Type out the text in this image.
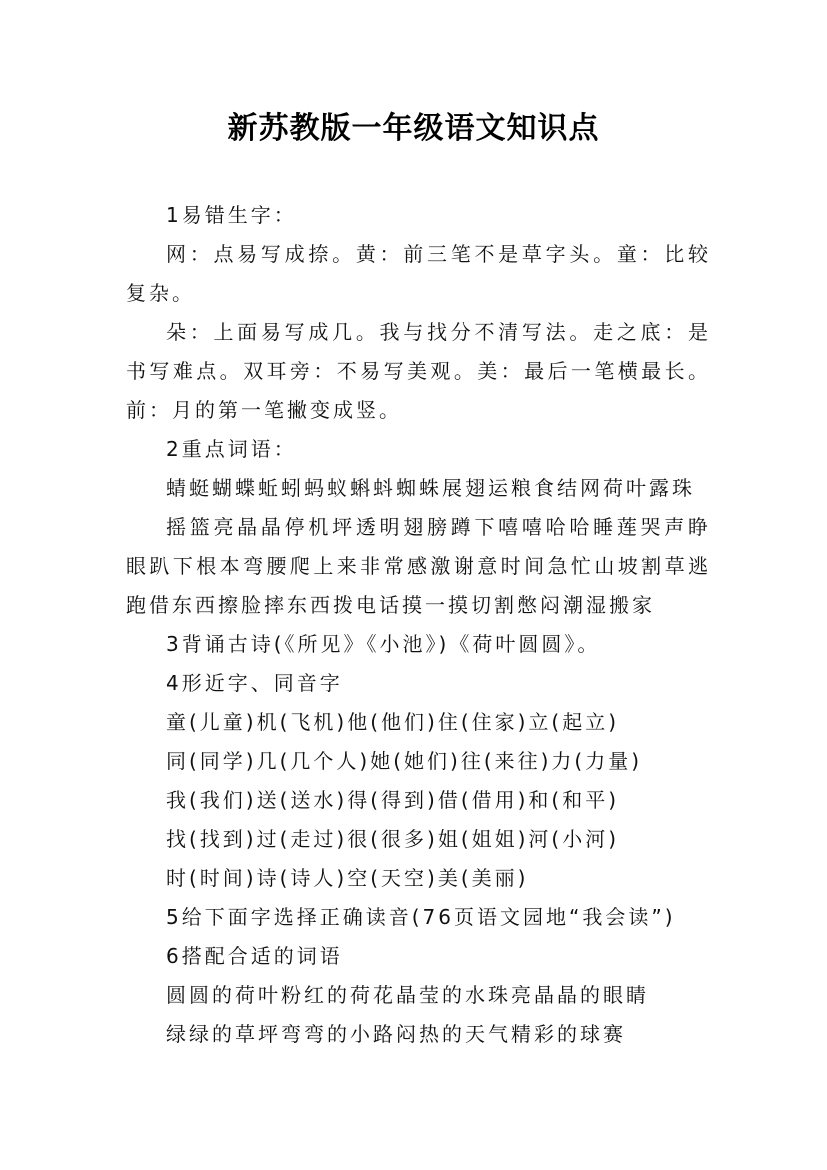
新苏教版一年级语文知识点

1易错生字：

网：点易写成捺。黄：前三笔不是草字头。童：比较复杂。

朵：上面易写成几。我与找分不清写法。走之底：是书写难点。双耳旁：不易写美观。美：最后一笔横最长。前：月的第一笔撇变成竖。

2重点词语：

蜻蜓蝴蝶蚯蚓蚂蚁蝌蚪蜘蛛展翅运粮食结网荷叶露珠

摇篮亮晶晶停机坪透明翅膀蹲下嘻嘻哈哈睡莲哭声睁眼趴下根本弯腰爬上来非常感激谢意时间急忙山坡割草逃跑借东西擦脸摔东西拨电话摸一摸切割憋闷潮湿搬家

3背诵古诗(《所见》《小池》)《荷叶圆圆》。

4形近字、同音字

童(儿童)机(飞机)他(他们)住(住家)立(起立)

同(同学)几(几个人)她(她们)往(来往)力(力量)

我(我们)送(送水)得(得到)借(借用)和(和平)

找(找到)过(走过)很(很多)姐(姐姐)河(小河)

时(时间)诗(诗人)空(天空)美(美丽)

5给下面字选择正确读音(76页语文园地“我会读”)

6搭配合适的词语

圆圆的荷叶粉红的荷花晶莹的水珠亮晶晶的眼睛

绿绿的草坪弯弯的小路闷热的天气精彩的球赛
